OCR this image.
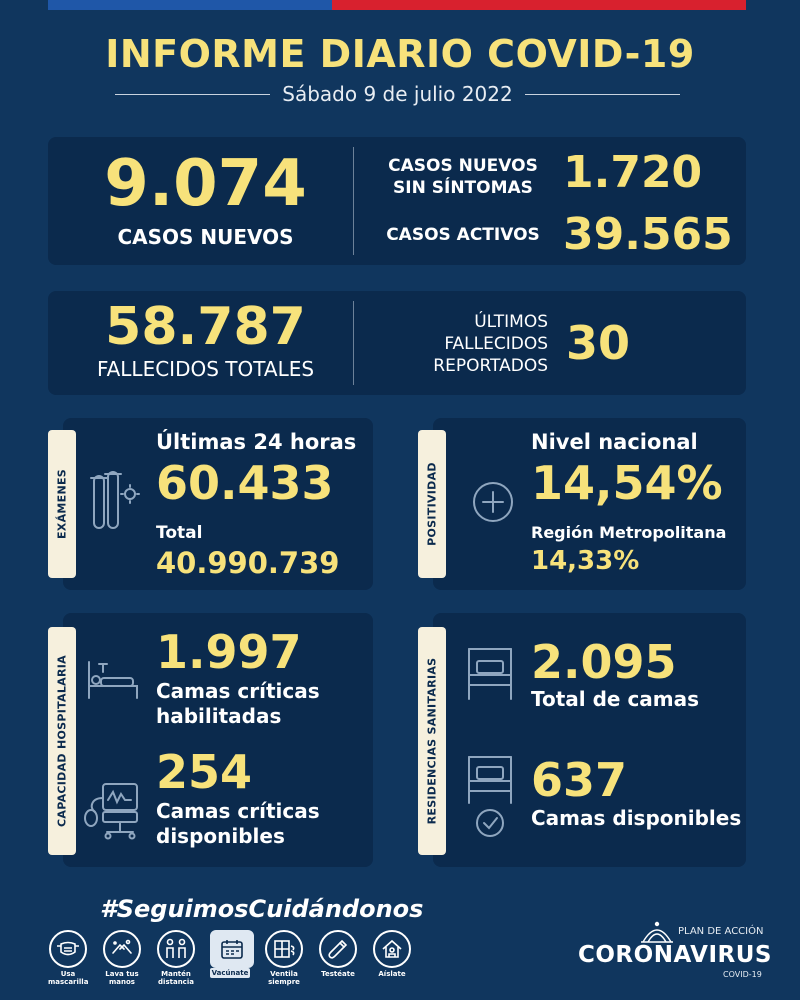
INFORME DIARIO COVID-19
Sábado 9 de julio 2022
9.074
CASOS NUEVOS
CASOS NUEVOS
SIN SÍNTOMAS 1.720
CASOS ACTIVOS 39.565
58.787
FALLECIDOS TOTALES
ÚLTIMOS
FALLECIDOS
REPORTADOS 30
EXÁMENES
Últimas 24 horas
60.433
Total
40.990.739
POSITIVIDAD
Nivel nacional
14,54%
Región Metropolitana
14,33%
CAPACIDAD HOSPITALARIA
1.997
Camas críticas
habilitadas
254
Camas críticas
disponibles
RESIDENCIAS SANITARIAS 2.095
Total de camas
637
Camas disponibles
#SeguimosCuidándonos
Usa
mascarilla
Lava tus
manos
Mantén
distancia
Vacúnate	Ventila
siempre
Testéate	Aíslate
PLAN DE ACCIÓN
CORONAVIRUS
COVID-19
